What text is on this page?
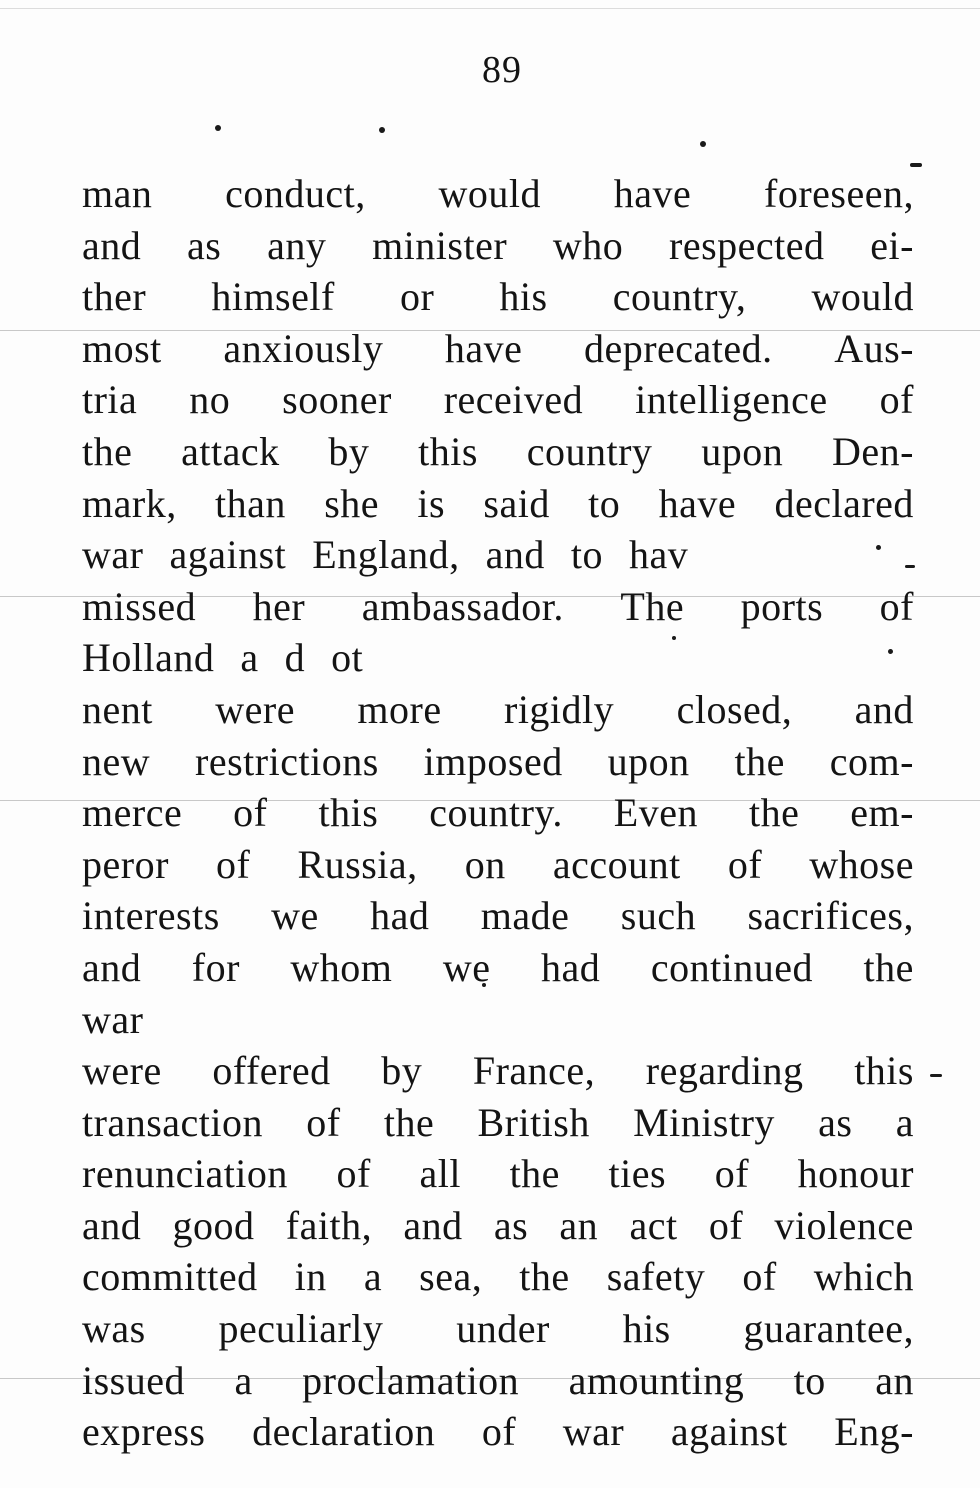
89
man conduct, would have foreseen,
and as any minister who respected ei-
ther himself or his country, would
most anxiously have deprecated. Aus-
tria no sooner received intelligence of
the attack by this country upon Den-
mark, than she is said to have declared
war against England, and to hav
missed her ambassador. The ports of
Holland a d ot
nent were more rigidly closed, and
new restrictions imposed upon the com-
merce of this country. Even the em-
peror of Russia, on account of whose
interests we had made such sacrifices,
and for whom we had continued the
war
were offered by France, regarding this
transaction of the British Ministry as a
renunciation of all the ties of honour
and good faith, and as an act of violence
committed in a sea, the safety of which
was peculiarly under his guarantee,
issued a proclamation amounting to an
express declaration of war against Eng-
